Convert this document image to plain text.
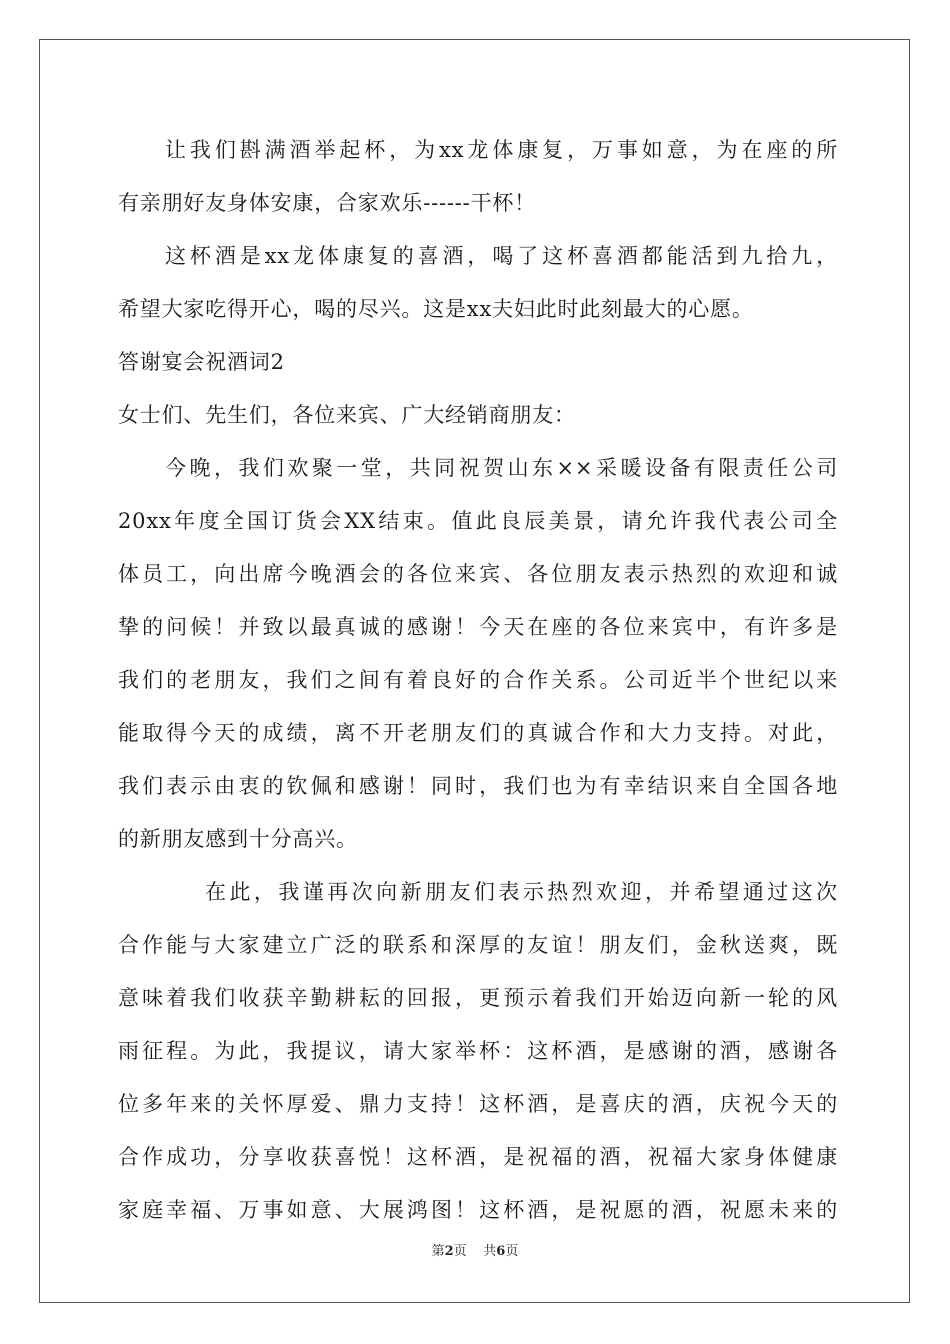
让我们斟满酒举起杯，为xx龙体康复，万事如意，为在座的所
有亲朋好友身体安康，合家欢乐------干杯！
这杯酒是xx龙体康复的喜酒，喝了这杯喜酒都能活到九拾九，
希望大家吃得开心，喝的尽兴。这是xx夫妇此时此刻最大的心愿。
答谢宴会祝酒词2
女士们、先生们，各位来宾、广大经销商朋友：
今晚，我们欢聚一堂，共同祝贺山东××采暖设备有限责任公司
20xx年度全国订货会XX结束。值此良辰美景，请允许我代表公司全
体员工，向出席今晚酒会的各位来宾、各位朋友表示热烈的欢迎和诚
挚的问候！并致以最真诚的感谢！今天在座的各位来宾中，有许多是
我们的老朋友，我们之间有着良好的合作关系。公司近半个世纪以来
能取得今天的成绩，离不开老朋友们的真诚合作和大力支持。对此，
我们表示由衷的钦佩和感谢！同时，我们也为有幸结识来自全国各地
的新朋友感到十分高兴。
在此，我谨再次向新朋友们表示热烈欢迎，并希望通过这次
合作能与大家建立广泛的联系和深厚的友谊！朋友们，金秋送爽，既
意味着我们收获辛勤耕耘的回报，更预示着我们开始迈向新一轮的风
雨征程。为此，我提议，请大家举杯：这杯酒，是感谢的酒，感谢各
位多年来的关怀厚爱、鼎力支持！这杯酒，是喜庆的酒，庆祝今天的
合作成功，分享收获喜悦！这杯酒，是祝福的酒，祝福大家身体健康
家庭幸福、万事如意、大展鸿图！这杯酒，是祝愿的酒，祝愿未来的
第2页 共6页
